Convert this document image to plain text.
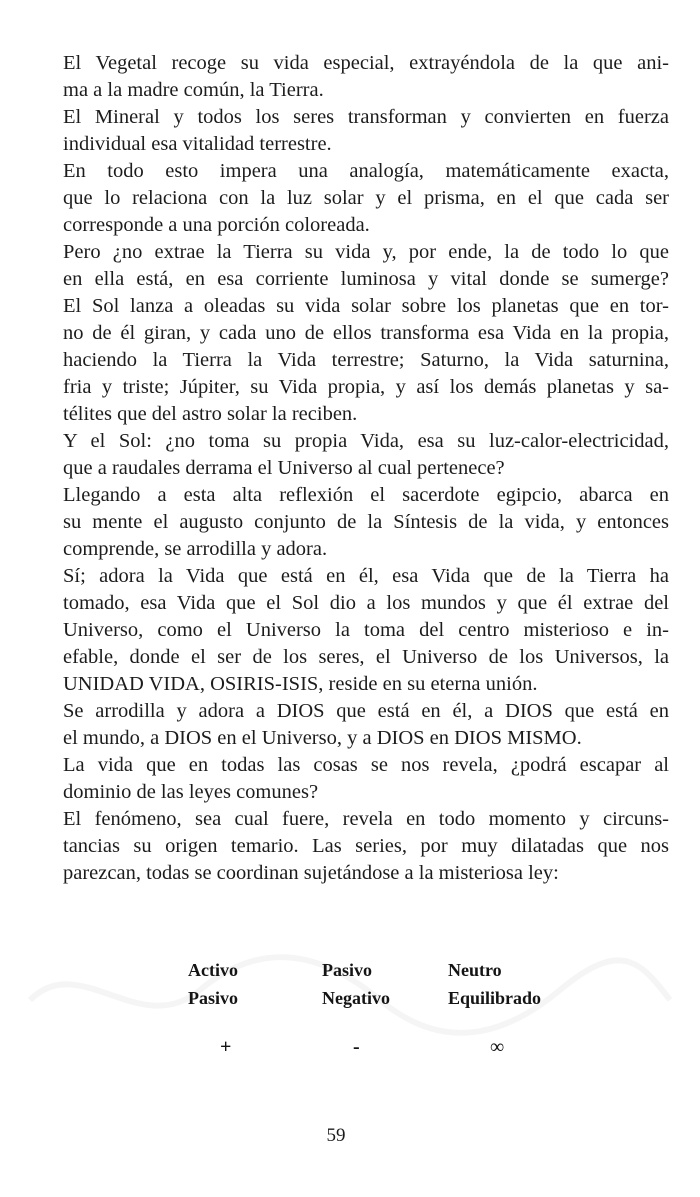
El Vegetal recoge su vida especial, extrayéndola de la que ani-
ma a la madre común, la Tierra.
El Mineral y todos los seres transforman y convierten en fuerza
individual esa vitalidad terrestre.
En todo esto impera una analogía, matemáticamente exacta,
que lo relaciona con la luz solar y el prisma, en el que cada ser
corresponde a una porción coloreada.
Pero ¿no extrae la Tierra su vida y, por ende, la de todo lo que
en ella está, en esa corriente luminosa y vital donde se sumerge?
El Sol lanza a oleadas su vida solar sobre los planetas que en tor-
no de él giran, y cada uno de ellos transforma esa Vida en la propia,
haciendo la Tierra la Vida terrestre; Saturno, la Vida saturnina,
fria y triste; Júpiter, su Vida propia, y así los demás planetas y sa-
télites que del astro solar la reciben.
Y el Sol: ¿no toma su propia Vida, esa su luz-calor-electricidad,
que a raudales derrama el Universo al cual pertenece?
Llegando a esta alta reflexión el sacerdote egipcio, abarca en
su mente el augusto conjunto de la Síntesis de la vida, y entonces
comprende, se arrodilla y adora.
Sí; adora la Vida que está en él, esa Vida que de la Tierra ha
tomado, esa Vida que el Sol dio a los mundos y que él extrae del
Universo, como el Universo la toma del centro misterioso e in-
efable, donde el ser de los seres, el Universo de los Universos, la
UNIDAD VIDA, OSIRIS-ISIS, reside en su eterna unión.
Se arrodilla y adora a DIOS que está en él, a DIOS que está en
el mundo, a DIOS en el Universo, y a DIOS en DIOS MISMO.
La vida que en todas las cosas se nos revela, ¿podrá escapar al
dominio de las leyes comunes?
El fenómeno, sea cual fuere, revela en todo momento y circuns-
tancias su origen temario. Las series, por muy dilatadas que nos
parezcan, todas se coordinan sujetándose a la misteriosa ley:
Activo
Pasivo
Pasivo
Negativo
Neutro
Equilibrado
+	-	∞
59
